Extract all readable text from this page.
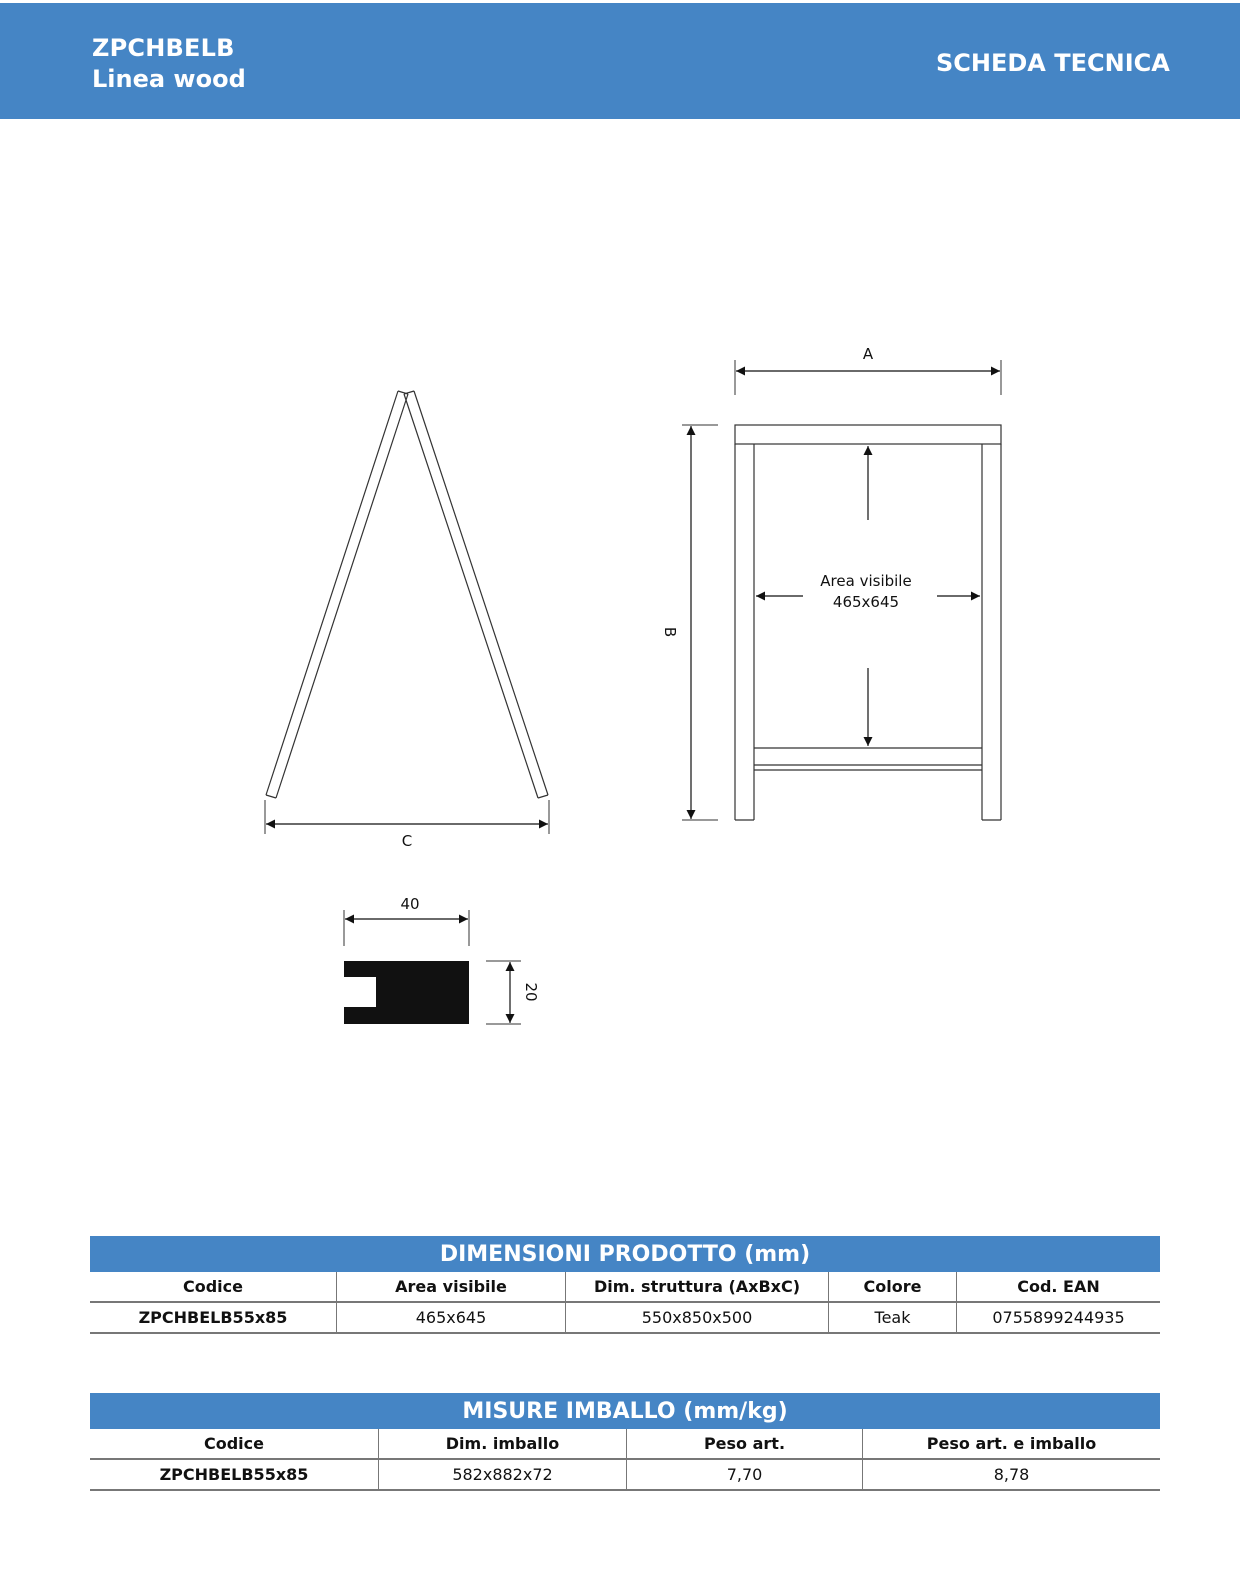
ZPCHBELB
Linea wood
SCHEDA TECNICA
C
A
B
Area visibile
465x645
40
20
DIMENSIONI PRODOTTO (mm)
Codice	Area visibile	Dim. struttura (AxBxC)	Colore	Cod. EAN
ZPCHBELB55x85	465x645	550x850x500	Teak	0755899244935
MISURE IMBALLO (mm/kg)
Codice	Dim. imballo	Peso art.	Peso art. e imballo
ZPCHBELB55x85	582x882x72	7,70	8,78
